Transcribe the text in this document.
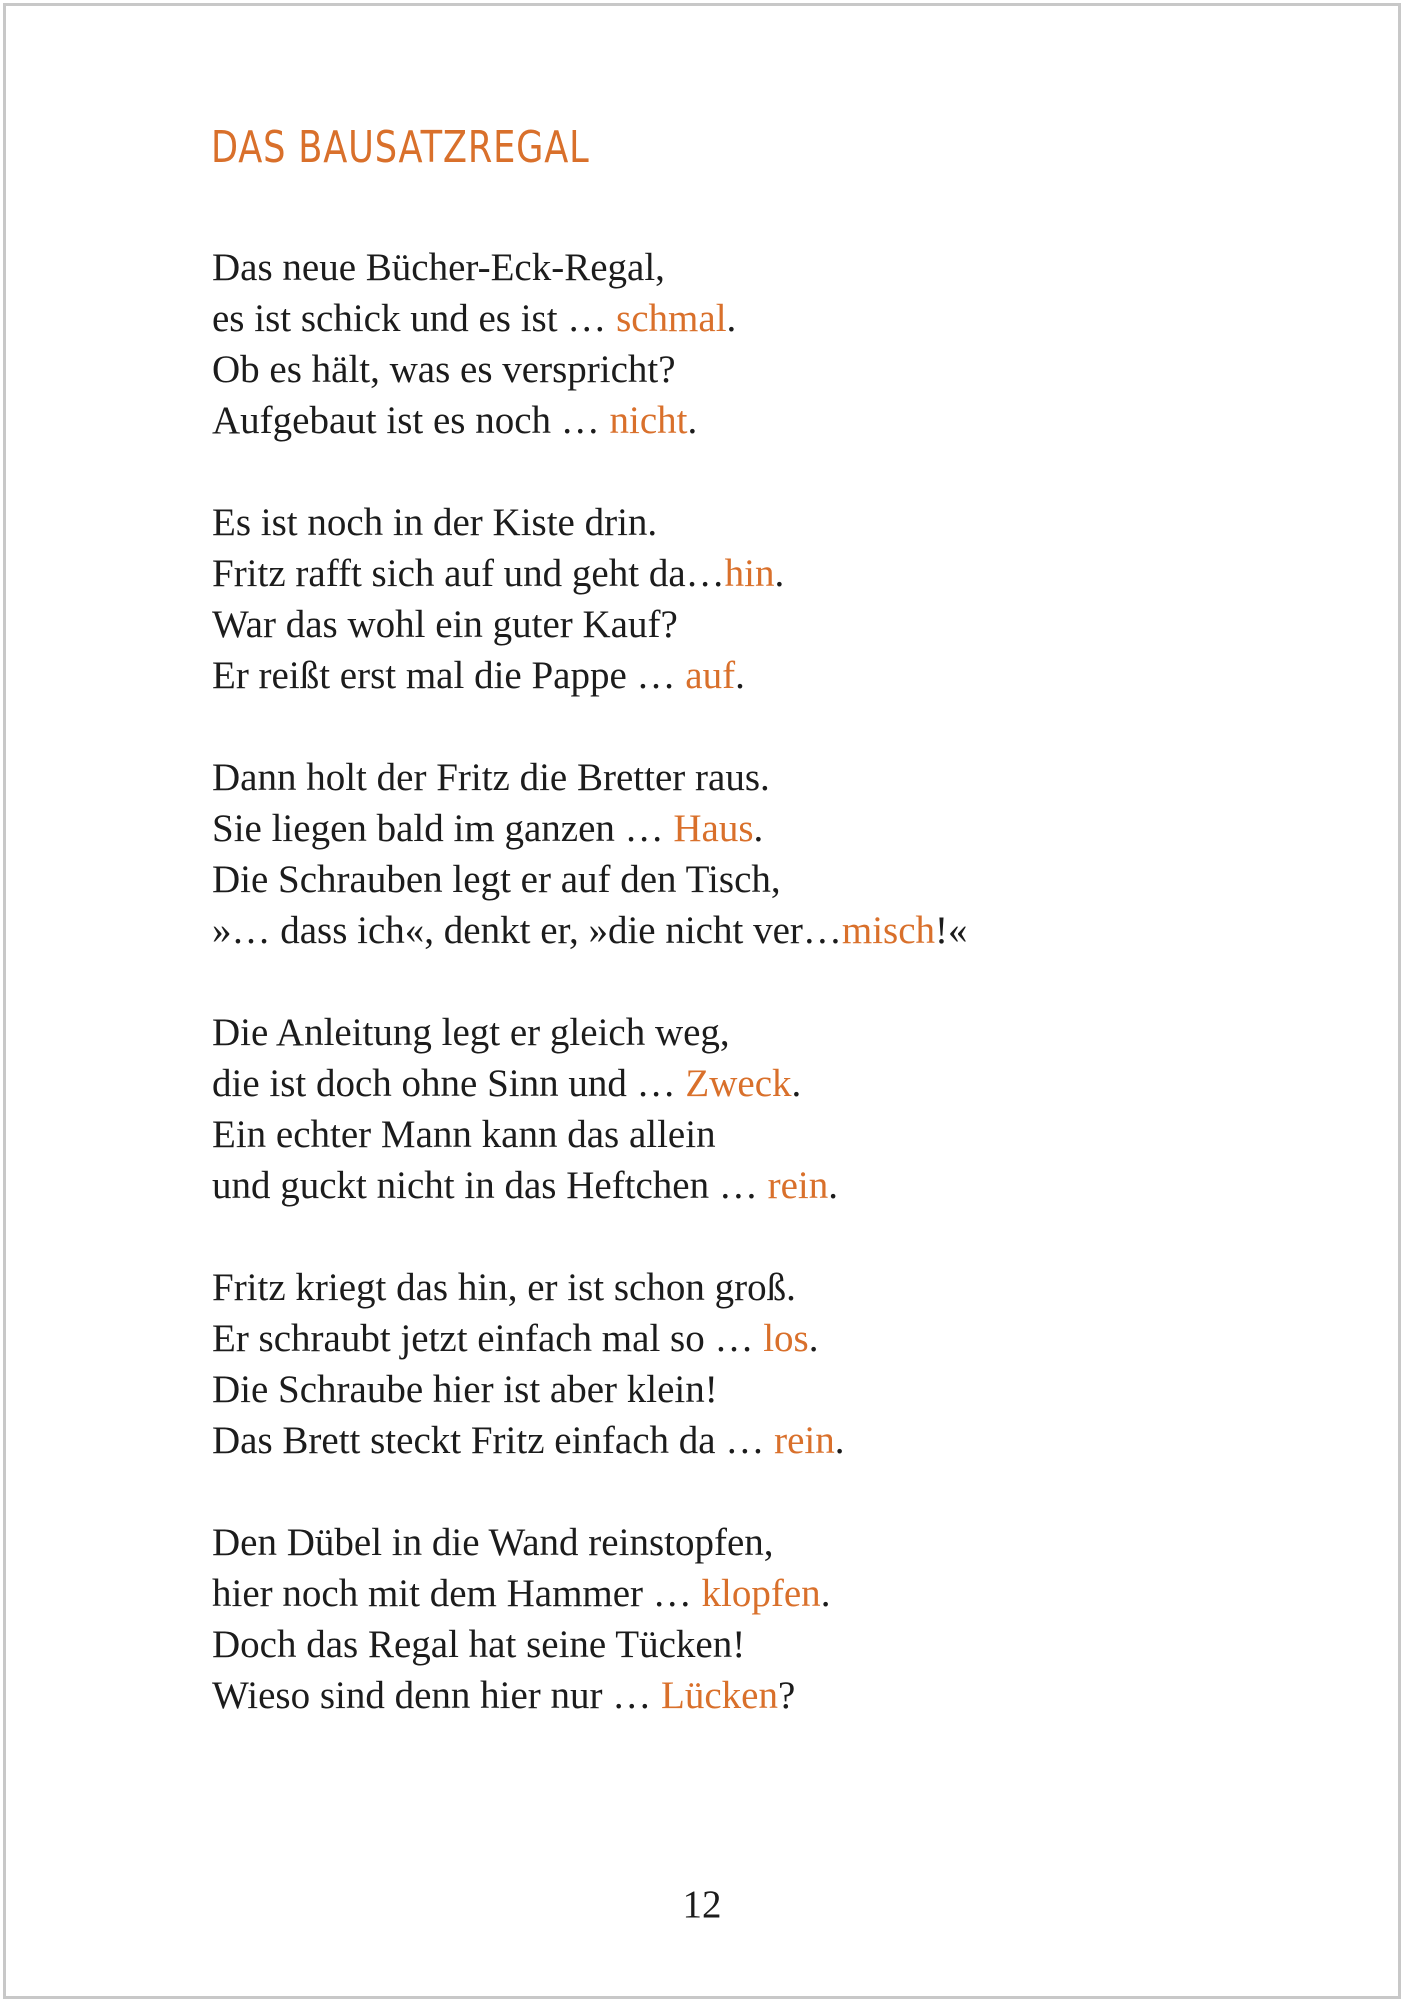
DAS BAUSATZREGAL
Das neue Bücher-Eck-Regal,
es ist schick und es ist … schmal.
Ob es hält, was es verspricht?
Aufgebaut ist es noch … nicht.
Es ist noch in der Kiste drin.
Fritz rafft sich auf und geht da…hin.
War das wohl ein guter Kauf?
Er reißt erst mal die Pappe … auf.
Dann holt der Fritz die Bretter raus.
Sie liegen bald im ganzen … Haus.
Die Schrauben legt er auf den Tisch,
»… dass ich«, denkt er, »die nicht ver…misch!«
Die Anleitung legt er gleich weg,
die ist doch ohne Sinn und … Zweck.
Ein echter Mann kann das allein
und guckt nicht in das Heftchen … rein.
Fritz kriegt das hin, er ist schon groß.
Er schraubt jetzt einfach mal so … los.
Die Schraube hier ist aber klein!
Das Brett steckt Fritz einfach da … rein.
Den Dübel in die Wand reinstopfen,
hier noch mit dem Hammer … klopfen.
Doch das Regal hat seine Tücken!
Wieso sind denn hier nur … Lücken?
12
